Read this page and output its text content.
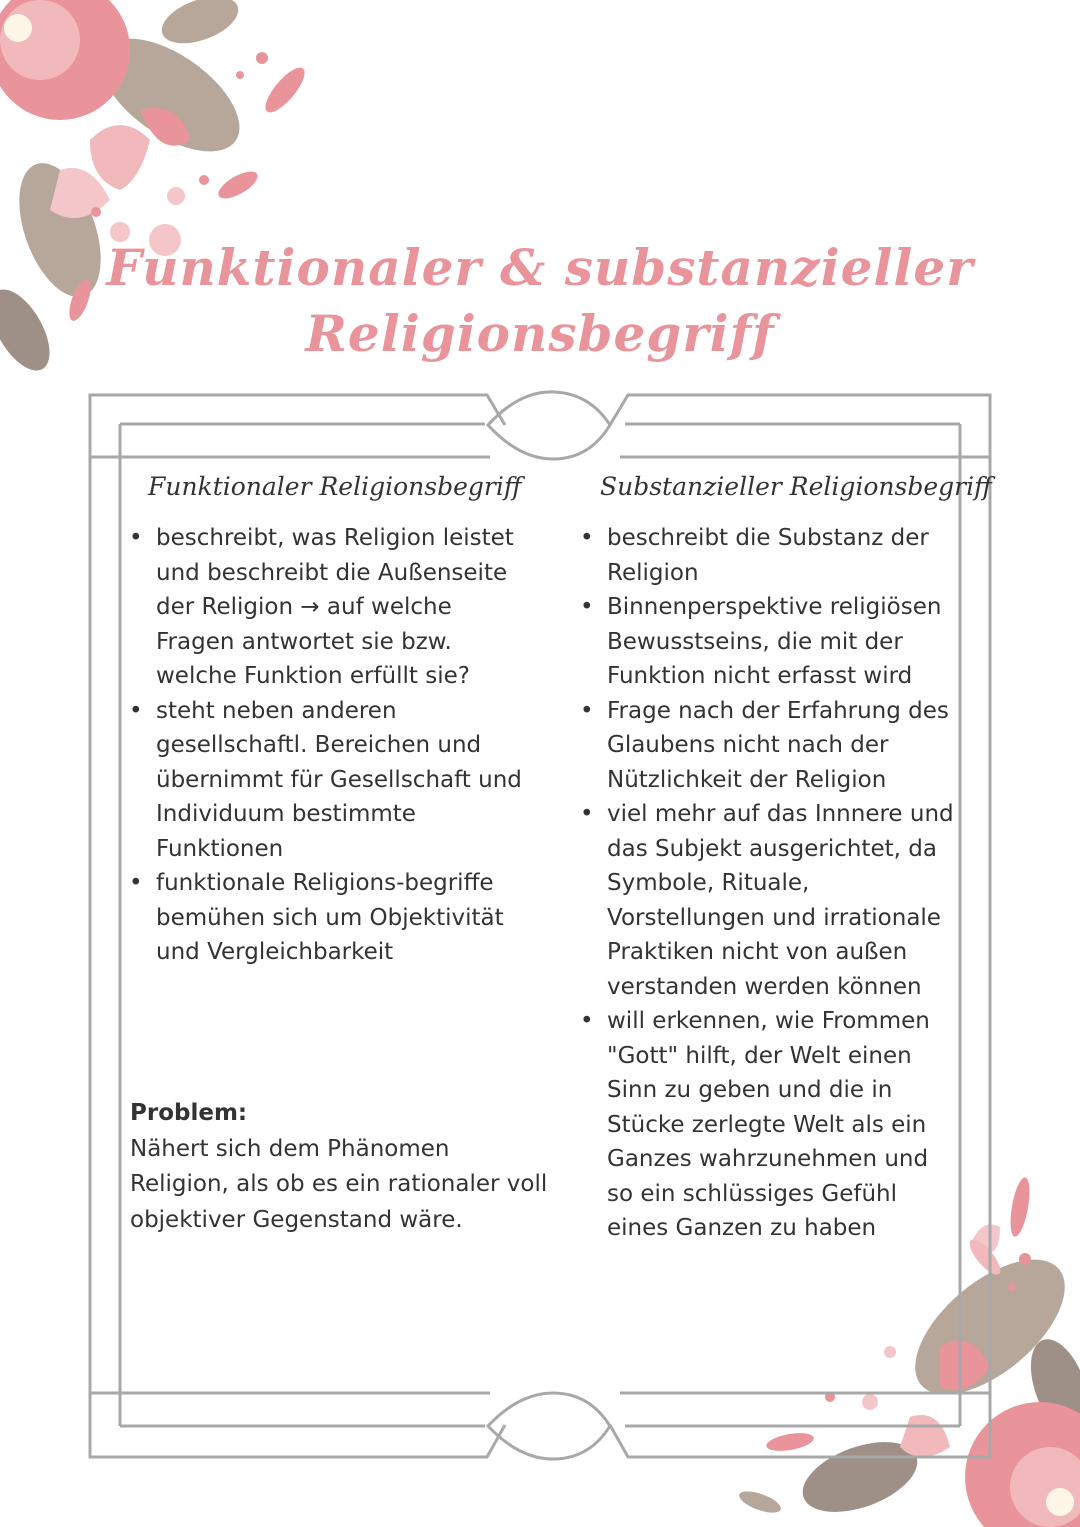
Funktionaler & substanzieller
Religionsbegriff
Funktionaler Religionsbegriff
• beschreibt, was Religion leistet und beschreibt die Außenseite der Religion → auf welche Fragen antwortet sie bzw. welche Funktion erfüllt sie?
• steht neben anderen gesellschaftl. Bereichen und übernimmt für Gesellschaft und Individuum bestimmte Funktionen
• funktionale Religions-begriffe bemühen sich um Objektivität und Vergleichbarkeit
Problem:
Nähert sich dem Phänomen Religion, als ob es ein rationaler voll objektiver Gegenstand wäre.
Substanzieller Religionsbegriff
• beschreibt die Substanz der Religion
• Binnenperspektive religiösen Bewusstseins, die mit der Funktion nicht erfasst wird
• Frage nach der Erfahrung des Glaubens nicht nach der Nützlichkeit der Religion
• viel mehr auf das Innnere und das Subjekt ausgerichtet, da Symbole, Rituale, Vorstellungen und irrationale Praktiken nicht von außen verstanden werden können
• will erkennen, wie Frommen "Gott" hilft, der Welt einen Sinn zu geben und die in Stücke zerlegte Welt als ein Ganzes wahrzunehmen und so ein schlüssiges Gefühl eines Ganzen zu haben
